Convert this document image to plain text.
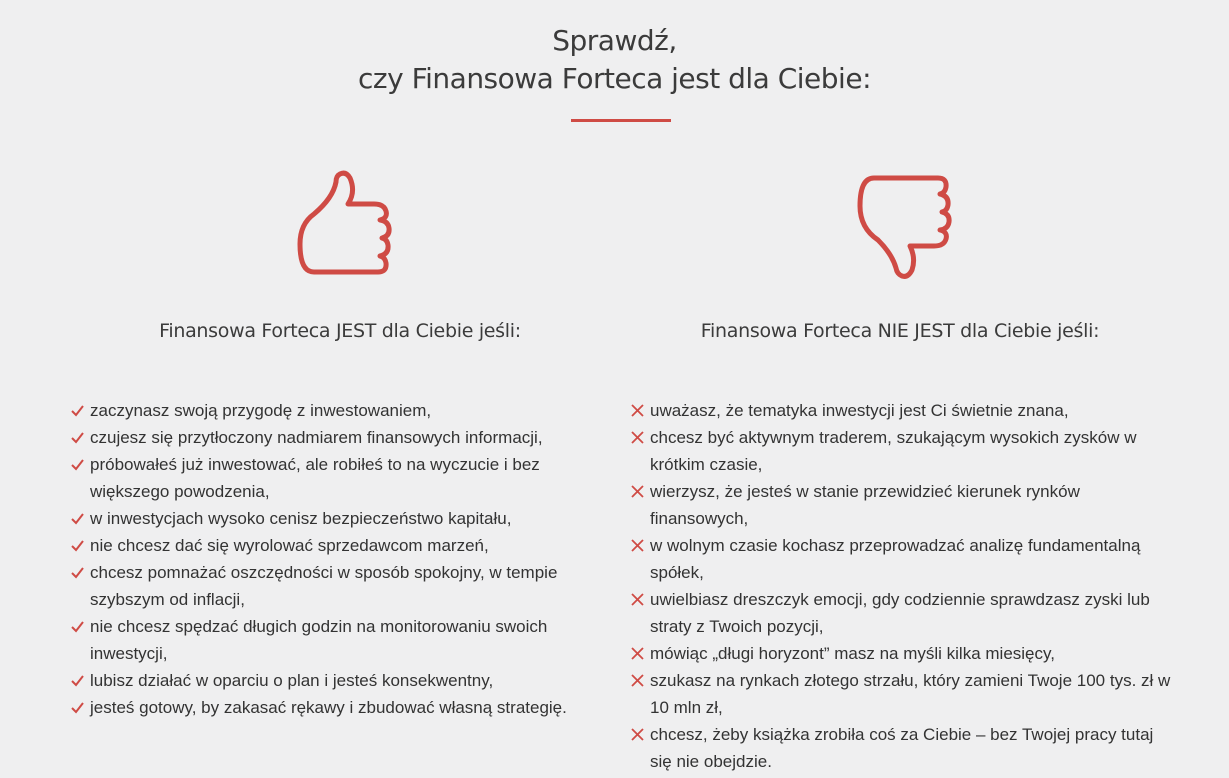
Sprawdź,
czy Finansowa Forteca jest dla Ciebie:
Finansowa Forteca JEST dla Ciebie jeśli:	Finansowa Forteca NIE JEST dla Ciebie jeśli:
zaczynasz swoją przygodę z inwestowaniem,
czujesz się przytłoczony nadmiarem finansowych informacji,
próbowałeś już inwestować, ale robiłeś to na wyczucie i bez większego powodzenia,
w inwestycjach wysoko cenisz bezpieczeństwo kapitału,
nie chcesz dać się wyrolować sprzedawcom marzeń,
chcesz pomnażać oszczędności w sposób spokojny, w tempie szybszym od inflacji,
nie chcesz spędzać długich godzin na monitorowaniu swoich inwestycji,
lubisz działać w oparciu o plan i jesteś konsekwentny,
jesteś gotowy, by zakasać rękawy i zbudować własną strategię.
uważasz, że tematyka inwestycji jest Ci świetnie znana,
chcesz być aktywnym traderem, szukającym wysokich zysków w krótkim czasie,
wierzysz, że jesteś w stanie przewidzieć kierunek rynków finansowych,
w wolnym czasie kochasz przeprowadzać analizę fundamentalną spółek,
uwielbiasz dreszczyk emocji, gdy codziennie sprawdzasz zyski lub straty z Twoich pozycji,
mówiąc „długi horyzont” masz na myśli kilka miesięcy,
szukasz na rynkach złotego strzału, który zamieni Twoje 100 tys. zł w 10 mln zł,
chcesz, żeby książka zrobiła coś za Ciebie – bez Twojej pracy tutaj się nie obejdzie.
